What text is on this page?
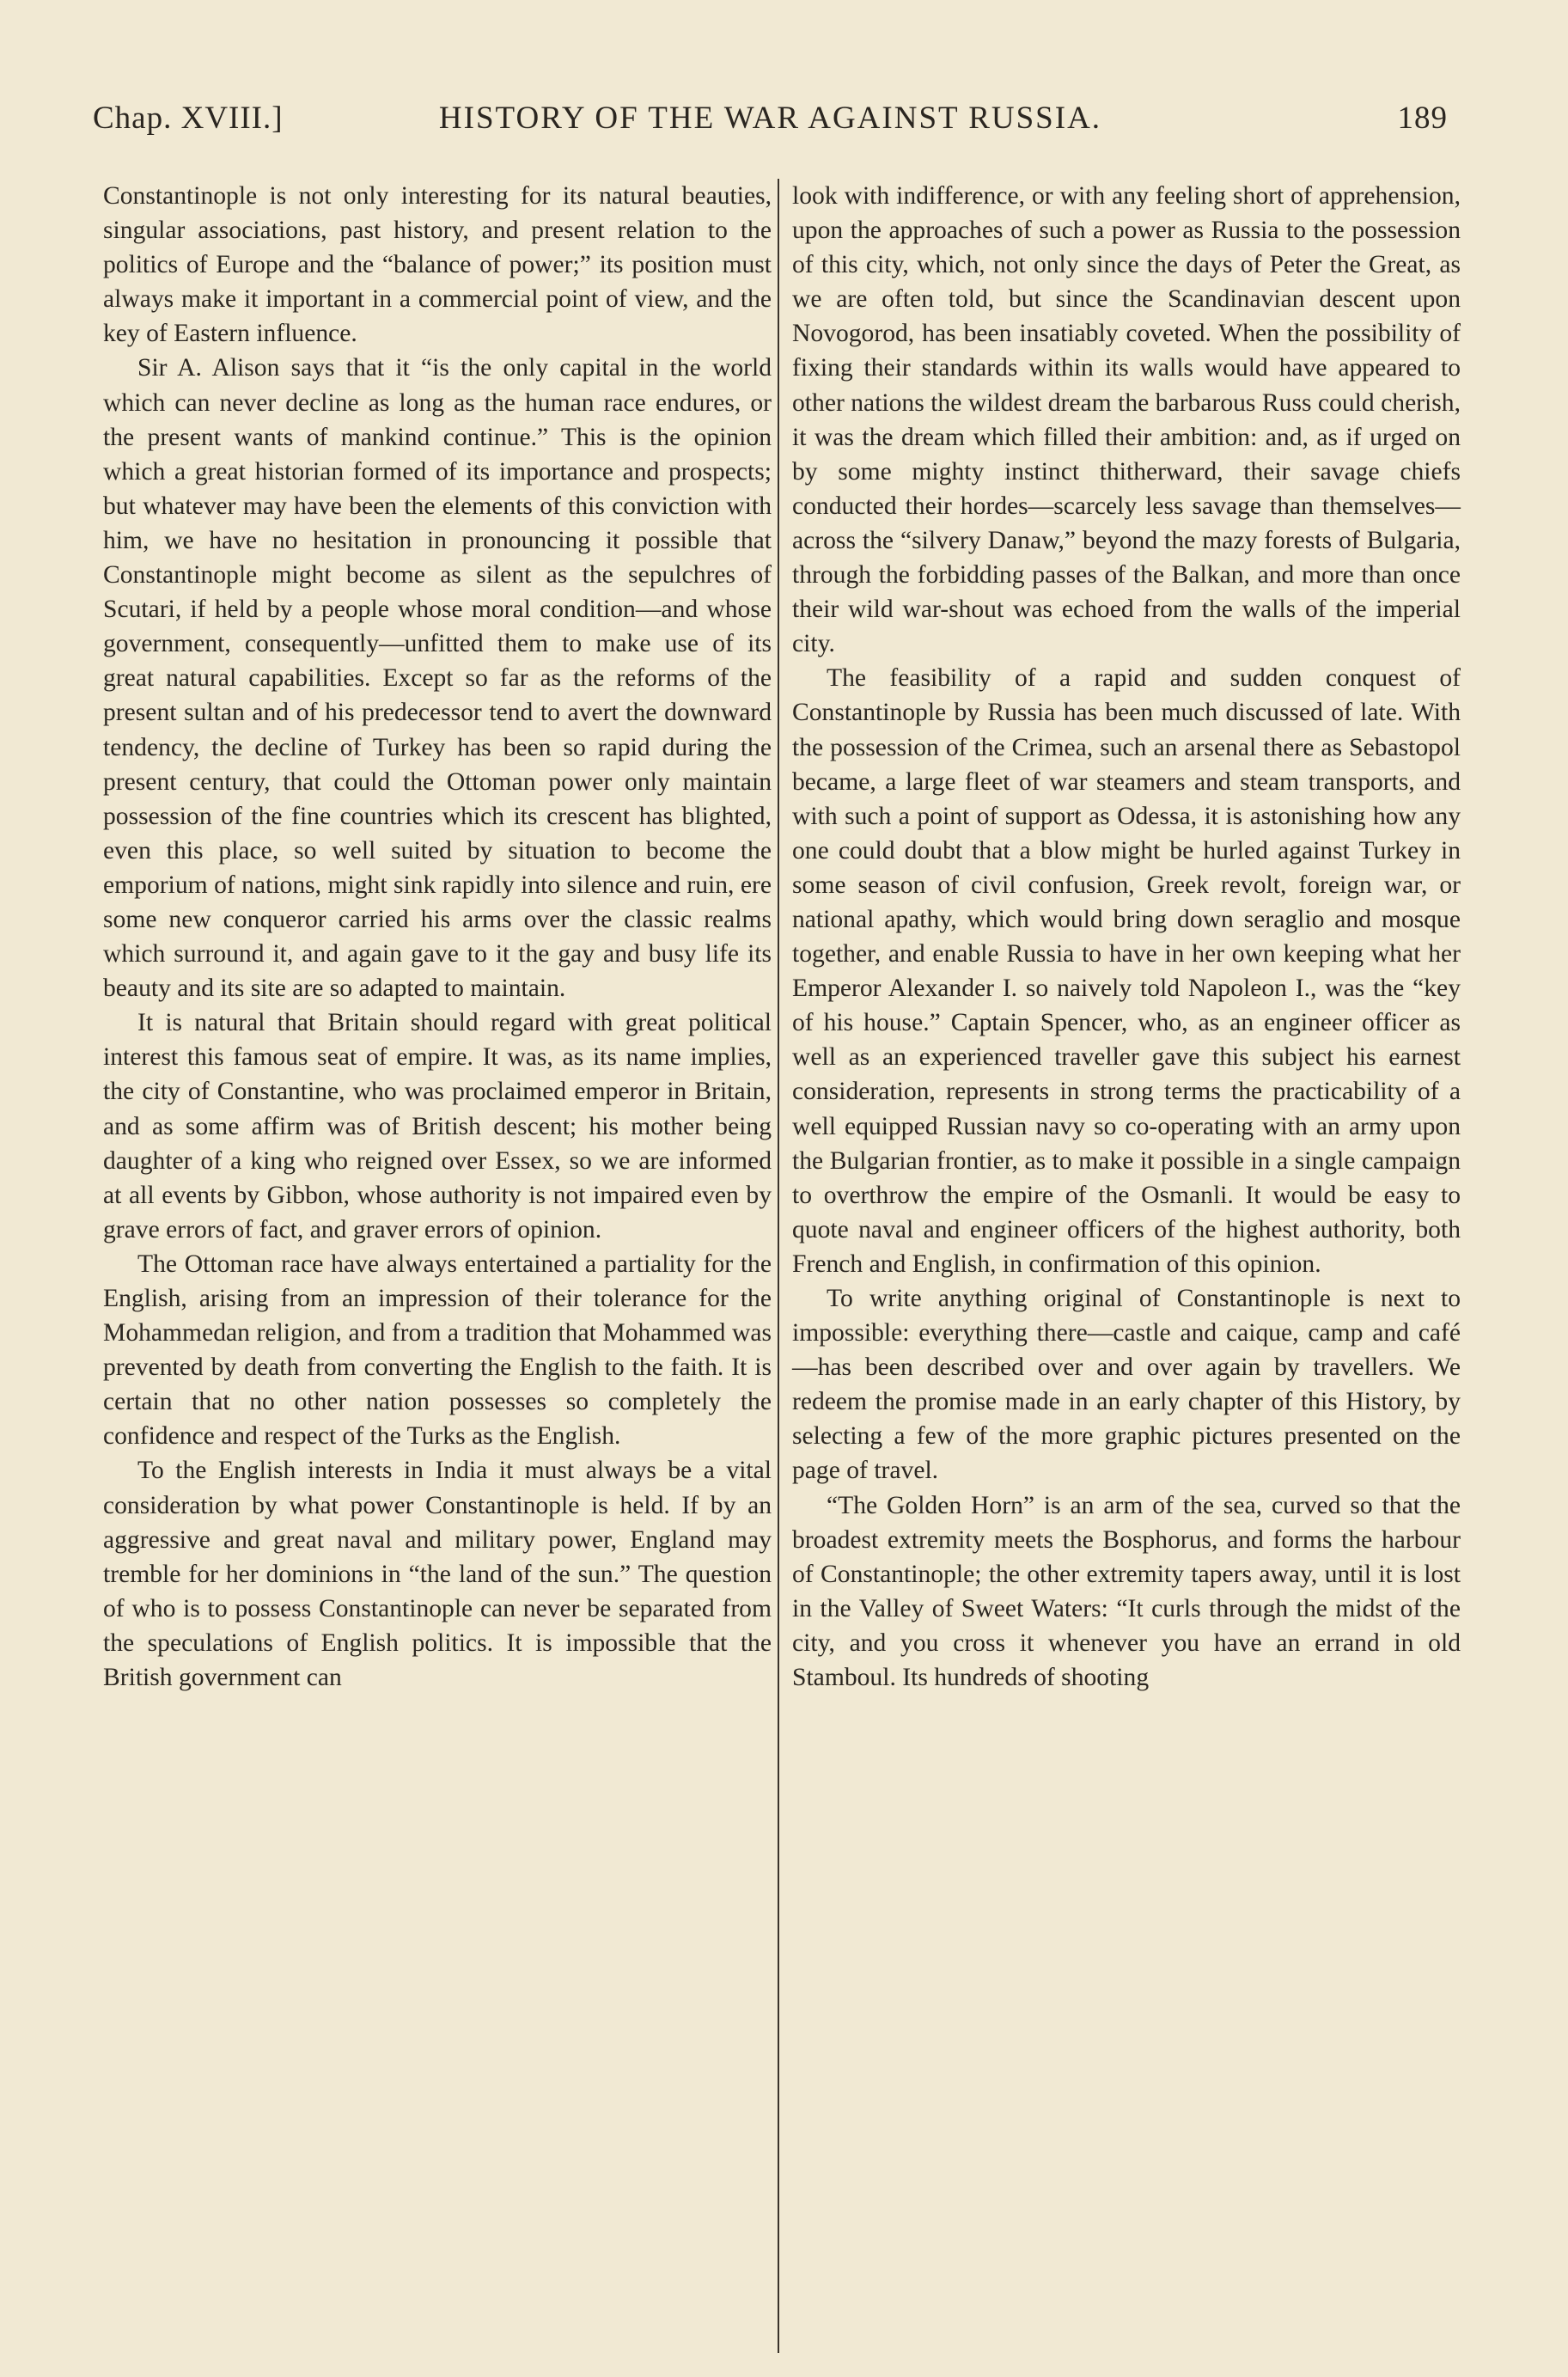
Chap. XVIII.]	HISTORY OF THE WAR AGAINST RUSSIA.	189

Constantinople is not only interesting for its natural beauties, singular associations, past history, and present relation to the politics of Europe and the “balance of power;” its position must always make it important in a commercial point of view, and the key of Eastern influence.

Sir A. Alison says that it “is the only capital in the world which can never decline as long as the human race endures, or the present wants of mankind continue.” This is the opinion which a great historian formed of its importance and prospects; but whatever may have been the elements of this conviction with him, we have no hesitation in pronouncing it possible that Constantinople might become as silent as the sepulchres of Scutari, if held by a people whose moral condition—and whose government, consequently—unfitted them to make use of its great natural capabilities. Except so far as the reforms of the present sultan and of his predecessor tend to avert the downward tendency, the decline of Turkey has been so rapid during the present century, that could the Ottoman power only maintain possession of the fine countries which its crescent has blighted, even this place, so well suited by situation to become the emporium of nations, might sink rapidly into silence and ruin, ere some new conqueror carried his arms over the classic realms which surround it, and again gave to it the gay and busy life its beauty and its site are so adapted to maintain.

It is natural that Britain should regard with great political interest this famous seat of empire. It was, as its name implies, the city of Constantine, who was proclaimed emperor in Britain, and as some affirm was of British descent; his mother being daughter of a king who reigned over Essex, so we are informed at all events by Gibbon, whose authority is not impaired even by grave errors of fact, and graver errors of opinion.

The Ottoman race have always entertained a partiality for the English, arising from an impression of their tolerance for the Mohammedan religion, and from a tradition that Mohammed was prevented by death from converting the English to the faith. It is certain that no other nation possesses so completely the confidence and respect of the Turks as the English.

To the English interests in India it must always be a vital consideration by what power Constantinople is held. If by an aggressive and great naval and military power, England may tremble for her dominions in “the land of the sun.” The question of who is to possess Constantinople can never be separated from the speculations of English politics. It is impossible that the British government can

look with indifference, or with any feeling short of apprehension, upon the approaches of such a power as Russia to the possession of this city, which, not only since the days of Peter the Great, as we are often told, but since the Scandinavian descent upon Novogorod, has been insatiably coveted. When the possibility of fixing their standards within its walls would have appeared to other nations the wildest dream the barbarous Russ could cherish, it was the dream which filled their ambition: and, as if urged on by some mighty instinct thitherward, their savage chiefs conducted their hordes—scarcely less savage than themselves—across the “silvery Danaw,” beyond the mazy forests of Bulgaria, through the forbidding passes of the Balkan, and more than once their wild war-shout was echoed from the walls of the imperial city.

The feasibility of a rapid and sudden conquest of Constantinople by Russia has been much discussed of late. With the possession of the Crimea, such an arsenal there as Sebastopol became, a large fleet of war steamers and steam transports, and with such a point of support as Odessa, it is astonishing how any one could doubt that a blow might be hurled against Turkey in some season of civil confusion, Greek revolt, foreign war, or national apathy, which would bring down seraglio and mosque together, and enable Russia to have in her own keeping what her Emperor Alexander I. so naively told Napoleon I., was the “key of his house.” Captain Spencer, who, as an engineer officer as well as an experienced traveller gave this subject his earnest consideration, represents in strong terms the practicability of a well equipped Russian navy so co-operating with an army upon the Bulgarian frontier, as to make it possible in a single campaign to overthrow the empire of the Osmanli. It would be easy to quote naval and engineer officers of the highest authority, both French and English, in confirmation of this opinion.

To write anything original of Constantinople is next to impossible: everything there—castle and caique, camp and café—has been described over and over again by travellers. We redeem the promise made in an early chapter of this History, by selecting a few of the more graphic pictures presented on the page of travel.

“The Golden Horn” is an arm of the sea, curved so that the broadest extremity meets the Bosphorus, and forms the harbour of Constantinople; the other extremity tapers away, until it is lost in the Valley of Sweet Waters: “It curls through the midst of the city, and you cross it whenever you have an errand in old Stamboul. Its hundreds of shooting
